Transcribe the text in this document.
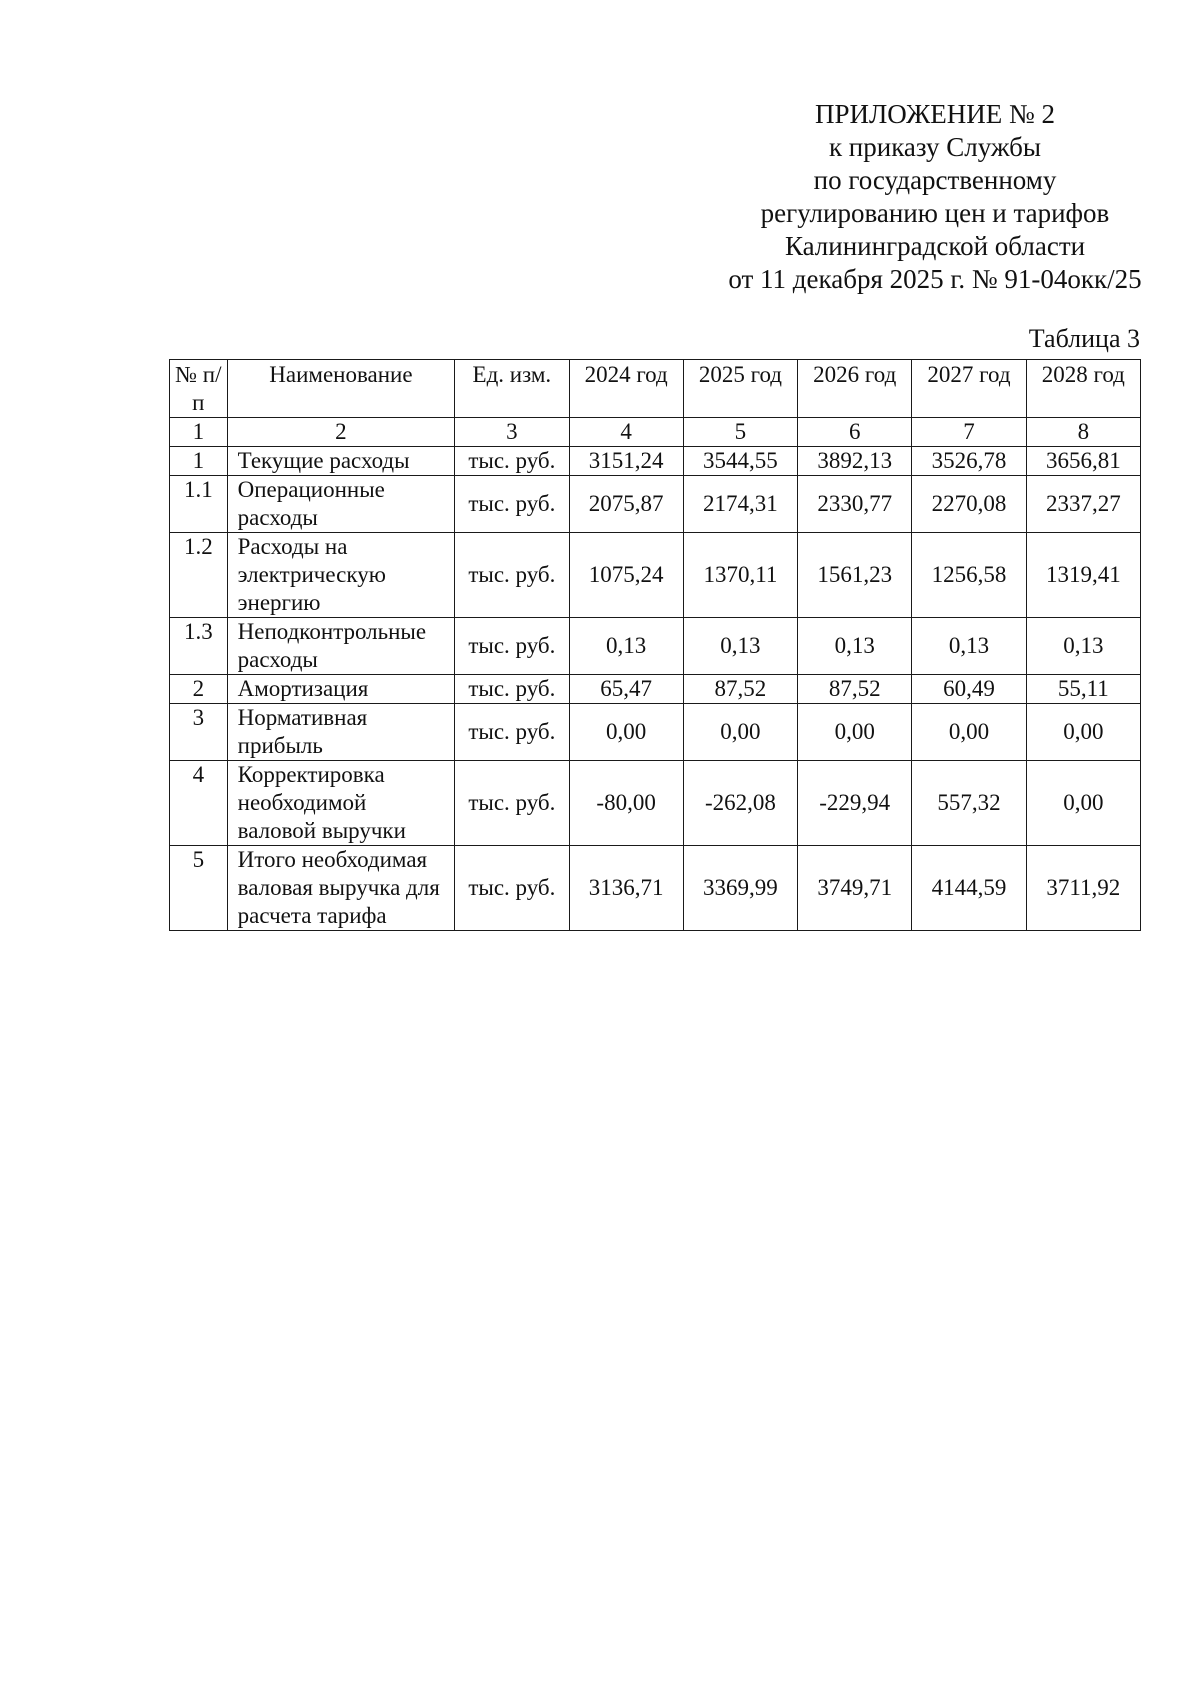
ПРИЛОЖЕНИЕ № 2
к приказу Службы
по государственному
регулированию цен и тарифов
Калининградской области
от 11 декабря 2025 г. № 91-04окк/25
Таблица 3
№ п/п	Наименование	Ед. изм.	2024 год	2025 год	2026 год	2027 год	2028 год
1	2	3	4	5	6	7	8
1	Текущие расходы	тыс. руб.	3151,24	3544,55	3892,13	3526,78	3656,81
1.1	Операционные расходы	тыс. руб.	2075,87	2174,31	2330,77	2270,08	2337,27
1.2	Расходы на электрическую энергию	тыс. руб.	1075,24	1370,11	1561,23	1256,58	1319,41
1.3	Неподконтрольные расходы	тыс. руб.	0,13	0,13	0,13	0,13	0,13
2	Амортизация	тыс. руб.	65,47	87,52	87,52	60,49	55,11
3	Нормативная прибыль	тыс. руб.	0,00	0,00	0,00	0,00	0,00
4	Корректировка необходимой валовой выручки	тыс. руб.	-80,00	-262,08	-229,94	557,32	0,00
5	Итого необходимая валовая выручка для расчета тарифа	тыс. руб.	3136,71	3369,99	3749,71	4144,59	3711,92
